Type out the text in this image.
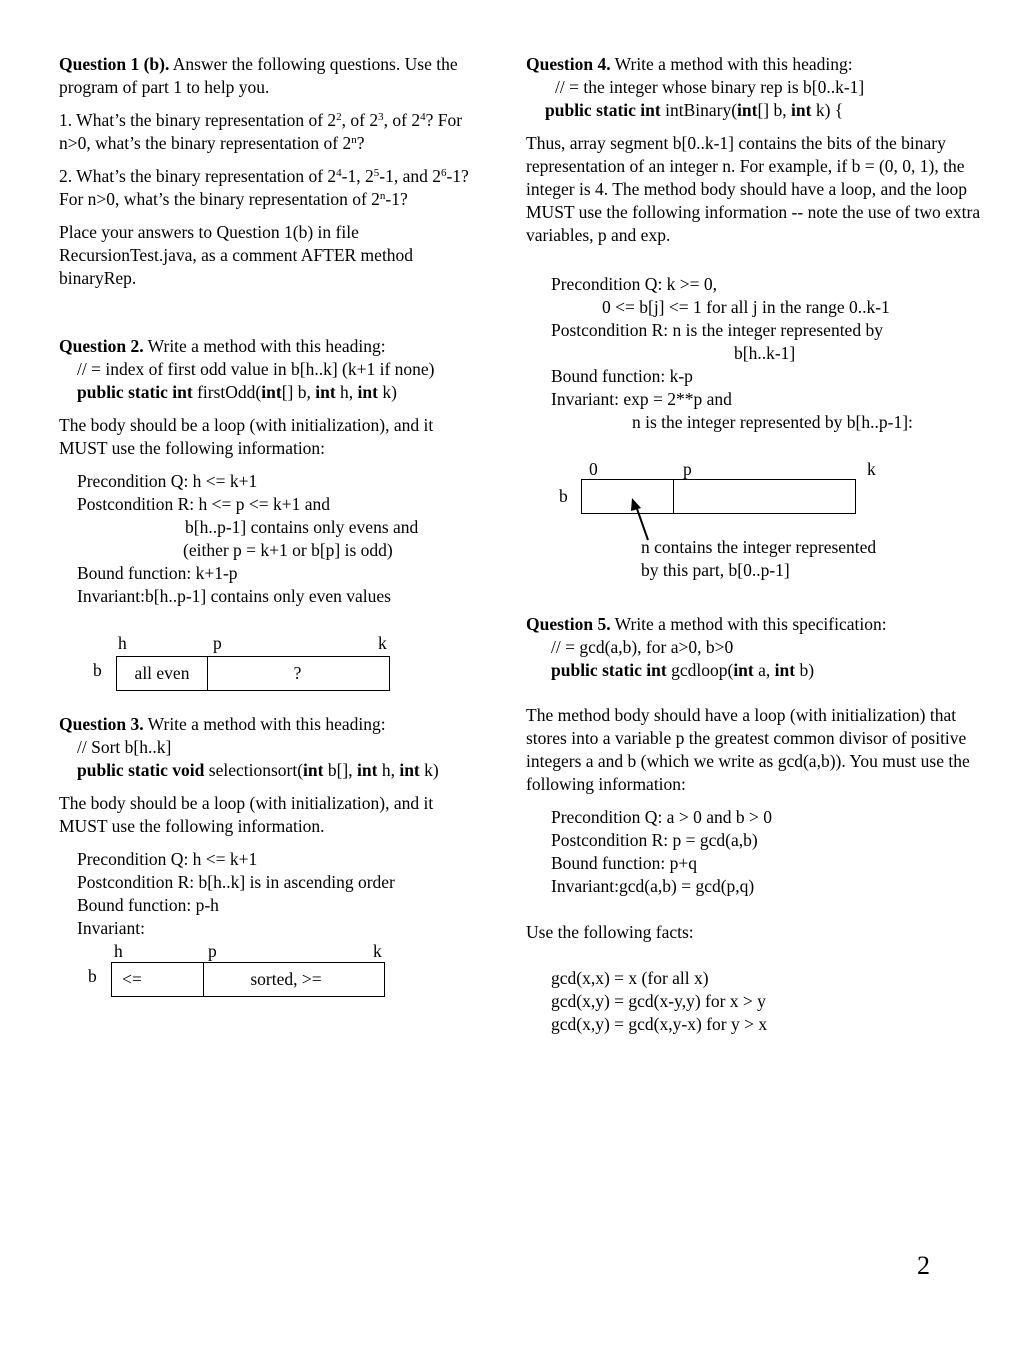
Question 1 (b). Answer the following questions. Use the program of part 1 to help you.

1. What’s the binary representation of $2^2$, of $2^3$, of $2^4$? For n>0, what’s the binary representation of 2$^n$?

2. What’s the binary representation of $2^4-1$, $2^5-1$, and $2^6-1$? For n>0, what’s the binary representation of 2$^n$-1?

Place your answers to Question 1(b) in file RecursionTest.java, as a comment AFTER method binaryRep.

Question 2. Write a method with this heading:

// = index of first odd value in b[h..k] (k+1 if none)

public static int firstOdd(int[] b, int h, int k)

The body should be a loop (with initialization), and it MUST use the following information:

Precondition Q: h <= k+1

Postcondition R: h <= p <= k+1 and

b[h..p-1] contains only evens and

(either p = k+1 or b[p] is odd)

Bound function: k+1-p

Invariant:b[h..p-1] contains only even values

h	p	k
b	all even	?

Question 3. Write a method with this heading:

// Sort b[h..k]

public static void selectionsort(int b[], int h, int k)

The body should be a loop (with initialization), and it MUST use the following information.

Precondition Q: h <= k+1

Postcondition R: b[h..k] is in ascending order

Bound function: p-h

Invariant:

h	p	k
b	<=	sorted, >=

Question 4. Write a method with this heading:

// = the integer whose binary rep is b[0..k-1]

public static int intBinary(int[] b, int k) {

Thus, array segment b[0..k-1] contains the bits of the binary representation of an integer n. For example, if b = (0, 0, 1), the integer is 4. The method body should have a loop, and the loop MUST use the following information -- note the use of two extra variables, p and exp.

Precondition Q: k >= 0,

0 <= b[j] <= 1 for all j in the range 0..k-1

Postcondition R: n is the integer represented by

b[h..k-1]

Bound function: k-p

Invariant: exp = 2**p and

n is the integer represented by b[h..p-1]:

0	p	k
b
n contains the integer represented
by this part, b[0..p-1]

Question 5. Write a method with this specification:

// = gcd(a,b), for a>0, b>0

public static int gcdloop(int a, int b)

The method body should have a loop (with initialization) that stores into a variable p the greatest common divisor of positive integers a and b (which we write as gcd(a,b)). You must use the following information:

Precondition Q: a > 0 and b > 0

Postcondition R: p = gcd(a,b)

Bound function: p+q

Invariant:gcd(a,b) = gcd(p,q)

Use the following facts:

gcd(x,x) = x (for all x)

gcd(x,y) = gcd(x-y,y) for x > y

gcd(x,y) = gcd(x,y-x) for y > x

2
